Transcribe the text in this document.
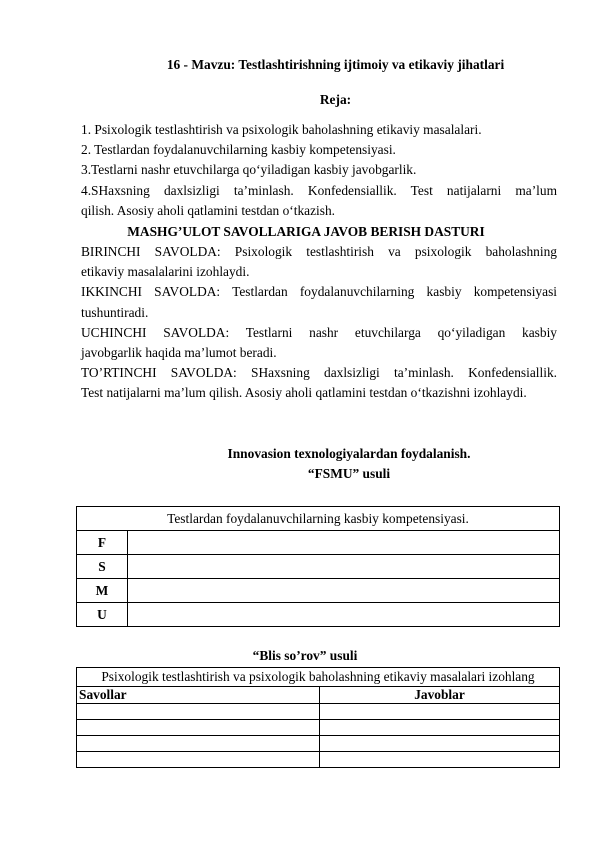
16 - Mavzu: Testlashtirishning ijtimoiy va etikaviy jihatlari
Reja:
1. Psixologik testlashtirish va psixologik baholashning etikaviy masalalari.
2. Testlardan foydalanuvchilarning kasbiy kompetensiyasi.
3.Testlarni nashr etuvchilarga qo‘yiladigan kasbiy javobgarlik.
4.SHaxsning daxlsizligi ta’minlash. Konfedensiallik. Test natijalarni ma’lum
qilish. Asosiy aholi qatlamini testdan o‘tkazish.
MASHG’ULOT SAVOLLARIGA JAVOB BERISH DASTURI
BIRINCHI SAVOLDA: Psixologik testlashtirish va psixologik baholashning
etikaviy masalalarini izohlaydi.
IKKINCHI SAVOLDA: Testlardan foydalanuvchilarning kasbiy kompetensiyasi
tushuntiradi.
UCHINCHI SAVOLDA: Testlarni nashr etuvchilarga qo‘yiladigan kasbiy
javobgarlik haqida ma’lumot beradi.
TO’RTINCHI SAVOLDA: SHaxsning daxlsizligi ta’minlash. Konfedensiallik.
Test natijalarni ma’lum qilish. Asosiy aholi qatlamini testdan o‘tkazishni izohlaydi.
Innovasion texnologiyalardan foydalanish.
“FSMU” usuli
Testlardan foydalanuvchilarning kasbiy kompetensiyasi.	
F	
S	
M	
U	
“Blis so’rov” usuli
Psixologik testlashtirish va psixologik baholashning etikaviy masalalari izohlang	
Savollar	Javoblar
